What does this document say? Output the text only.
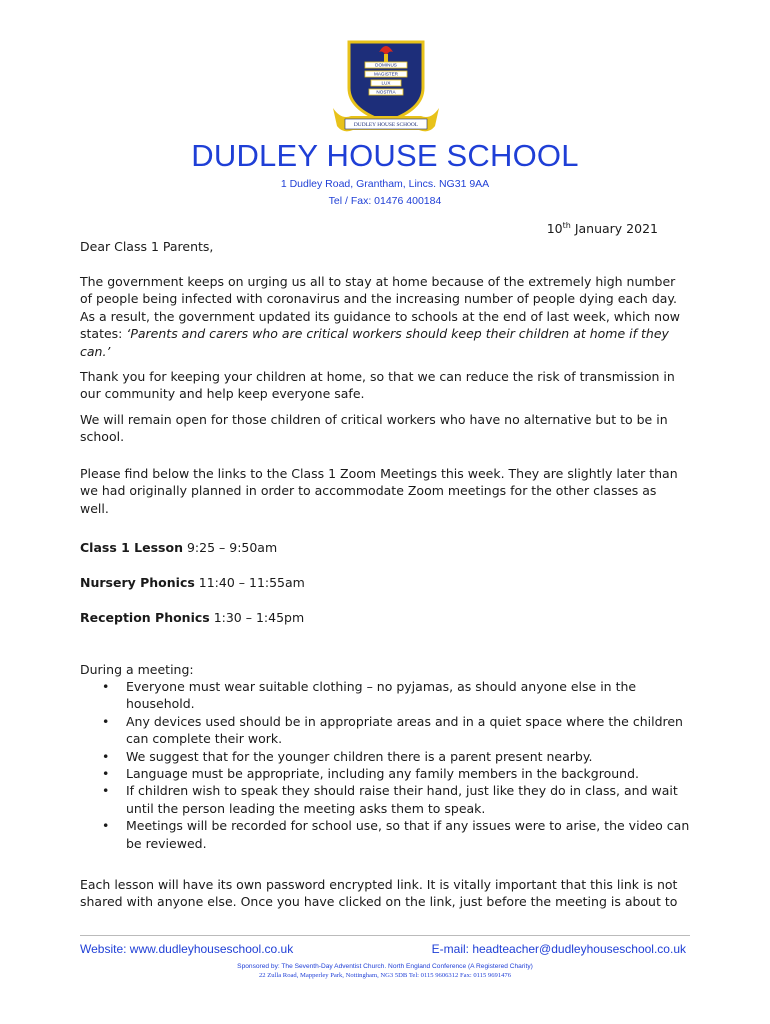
DOMINUS
MAGISTER
LUX
NOSTRA
DUDLEY HOUSE SCHOOL
DUDLEY HOUSE SCHOOL
1 Dudley Road, Grantham, Lincs. NG31 9AA
Tel / Fax: 01476 400184
10th January 2021

Dear Class 1 Parents,

The government keeps on urging us all to stay at home because of the extremely high number of people being infected with coronavirus and the increasing number of people dying each day. As a result, the government updated its guidance to schools at the end of last week, which now states: ‘Parents and carers who are critical workers should keep their children at home if they can.’

Thank you for keeping your children at home, so that we can reduce the risk of transmission in our community and help keep everyone safe.

We will remain open for those children of critical workers who have no alternative but to be in school.

Please find below the links to the Class 1 Zoom Meetings this week. They are slightly later than we had originally planned in order to accommodate Zoom meetings for the other classes as well.

Class 1 Lesson 9:25 – 9:50am

Nursery Phonics 11:40 – 11:55am

Reception Phonics 1:30 – 1:45pm

During a meeting:

• Everyone must wear suitable clothing – no pyjamas, as should anyone else in the household.
• Any devices used should be in appropriate areas and in a quiet space where the children can complete their work.
• We suggest that for the younger children there is a parent present nearby.
• Language must be appropriate, including any family members in the background.
• If children wish to speak they should raise their hand, just like they do in class, and wait until the person leading the meeting asks them to speak.
• Meetings will be recorded for school use, so that if any issues were to arise, the video can be reviewed.

Each lesson will have its own password encrypted link. It is vitally important that this link is not shared with anyone else. Once you have clicked on the link, just before the meeting is about to

Website: www.dudleyhouseschool.co.uk	E-mail: headteacher@dudleyhouseschool.co.uk
Sponsored by: The Seventh-Day Adventist Church. North England Conference (A Registered Charity)
22 Zulla Road, Mapperley Park, Nottingham, NG3 5DB Tel: 0115 9606312 Fax: 0115 9691476
